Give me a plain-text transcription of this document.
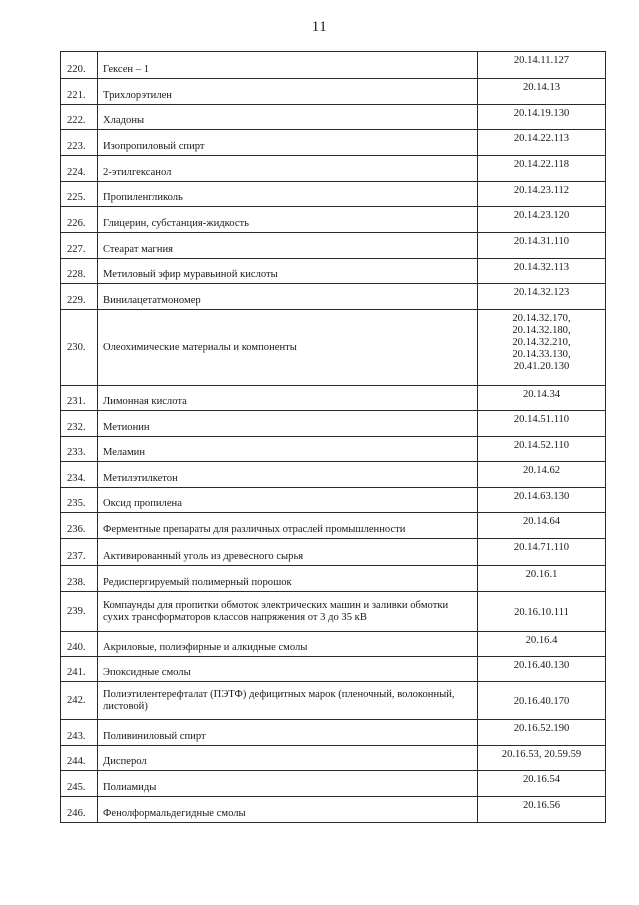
11
220.	Гексен – 1	20.14.11.127
221.	Трихлорэтилен	20.14.13
222.	Хладоны	20.14.19.130
223.	Изопропиловый спирт	20.14.22.113
224.	2-этилгексанол	20.14.22.118
225.	Пропиленгликоль	20.14.23.112
226.	Глицерин, субстанция-жидкость	20.14.23.120
227.	Стеарат магния	20.14.31.110
228.	Метиловый эфир муравьиной кислоты	20.14.32.113
229.	Винилацетатмономер	20.14.32.123
230.	Олеохимические материалы и компоненты	20.14.32.170,
20.14.32.180,
20.14.32.210,
20.14.33.130,
20.41.20.130
231.	Лимонная кислота	20.14.34
232.	Метионин	20.14.51.110
233.	Меламин	20.14.52.110
234.	Метилэтилкетон	20.14.62
235.	Оксид пропилена	20.14.63.130
236.	Ферментные препараты для различных отраслей промышленности	20.14.64
237.	Активированный уголь из древесного сырья	20.14.71.110
238.	Редиспергируемый полимерный порошок	20.16.1
239.	Компаунды для пропитки обмоток электрических машин и заливки обмотки сухих трансформаторов классов напряжения от 3 до 35 кВ	20.16.10.111
240.	Акриловые, полиэфирные и алкидные смолы	20.16.4
241.	Эпоксидные смолы	20.16.40.130
242.	Полиэтилентерефталат (ПЭТФ) дефицитных марок (пленочный, волоконный, листовой)	20.16.40.170
243.	Поливиниловый спирт	20.16.52.190
244.	Дисперол	20.16.53, 20.59.59
245.	Полиамиды	20.16.54
246.	Фенолформальдегидные смолы	20.16.56
